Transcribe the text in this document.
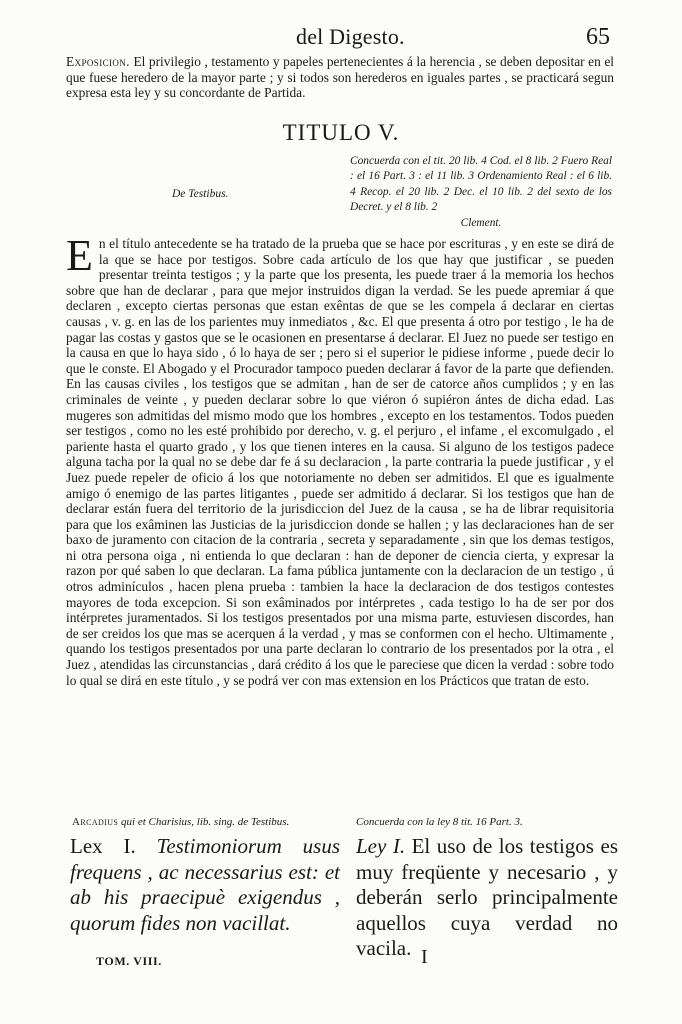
del Digesto.	65

Exposicion. El privilegio , testamento y papeles pertenecientes á la herencia , se deben depositar en el que fuese heredero de la mayor parte ; y si todos son herederos en iguales partes , se practicará segun expresa esta ley y su concordante de Partida.

TITULO V.
De Testibus.
Concuerda con el tit. 20 lib. 4 Cod. el 8 lib. 2 Fuero Real : el 16 Part. 3 : el 11 lib. 3 Ordenamiento Real : el 6 lib. 4 Recop. el 20 lib. 2 Dec. el 10 lib. 2 del sexto de los Decret. y el 8 lib. 2
Clement.
E n el título antecedente se ha tratado de la prueba que se hace por escrituras , y en este se dirá de la que se hace por testigos. Sobre cada artículo de los que hay que justificar , se pueden presentar treinta testigos ; y la parte que los presenta, les puede traer á la memoria los hechos sobre que han de declarar , para que mejor instruidos digan la verdad. Se les puede apremiar á que declaren , excepto ciertas personas que estan exêntas de que se les compela á declarar en ciertas causas , v. g. en las de los parientes muy inmediatos , &c. El que presenta á otro por testigo , le ha de pagar las costas y gastos que se le ocasionen en presentarse á declarar. El Juez no puede ser testigo en la causa en que lo haya sido , ó lo haya de ser ; pero si el superior le pidiese informe , puede decir lo que le conste. El Abogado y el Procurador tampoco pueden declarar á favor de la parte que defienden. En las causas civiles , los testigos que se admitan , han de ser de catorce años cumplidos ; y en las criminales de veinte , y pueden declarar sobre lo que viéron ó supiéron ántes de dicha edad. Las mugeres son admitidas del mismo modo que los hombres , excepto en los testamentos. Todos pueden ser testigos , como no les esté prohibido por derecho, v. g. el perjuro , el infame , el excomulgado , el pariente hasta el quarto grado , y los que tienen interes en la causa. Si alguno de los testigos padece alguna tacha por la qual no se debe dar fe á su declaracion , la parte contraria la puede justificar , y el Juez puede repeler de oficio á los que notoriamente no deben ser admitidos. El que es igualmente amigo ó enemigo de las partes litigantes , puede ser admitido á declarar. Si los testigos que han de declarar están fuera del territorio de la jurisdiccion del Juez de la causa , se ha de librar requisitoria para que los exâminen las Justicias de la jurisdiccion donde se hallen ; y las declaraciones han de ser baxo de juramento con citacion de la contraria , secreta y separadamente , sin que los demas testigos, ni otra persona oiga , ni entienda lo que declaran : han de deponer de ciencia cierta, y expresar la razon por qué saben lo que declaran. La fama pública juntamente con la declaracion de un testigo , ú otros adminículos , hacen plena prueba : tambien la hace la declaracion de dos testigos contestes mayores de toda excepcion. Si son exâminados por intérpretes , cada testigo lo ha de ser por dos intérpretes juramentados. Si los testigos presentados por una misma parte, estuviesen discordes, han de ser creidos los que mas se acerquen á la verdad , y mas se conformen con el hecho. Ultimamente , quando los testigos presentados por una parte declaran lo contrario de los presentados por la otra , el Juez , atendidas las circunstancias , dará crédito á los que le pareciese que dicen la verdad : sobre todo lo qual se dirá en este título , y se podrá ver con mas extension en los Prácticos que tratan de esto.
Arcadius qui et Charisius, lib. sing. de Testibus.	Concuerda con la ley 8 tit. 16 Part. 3.
Lex I. Testimoniorum usus frequens , ac necessarius est: et ab his praecipuè exigendus , quorum fides non vacillat.
Ley I. El uso de los testigos es muy freqüente y necesario , y deberán serlo principalmente aquellos cuya verdad no vacila.
TOM. VIII.	I
